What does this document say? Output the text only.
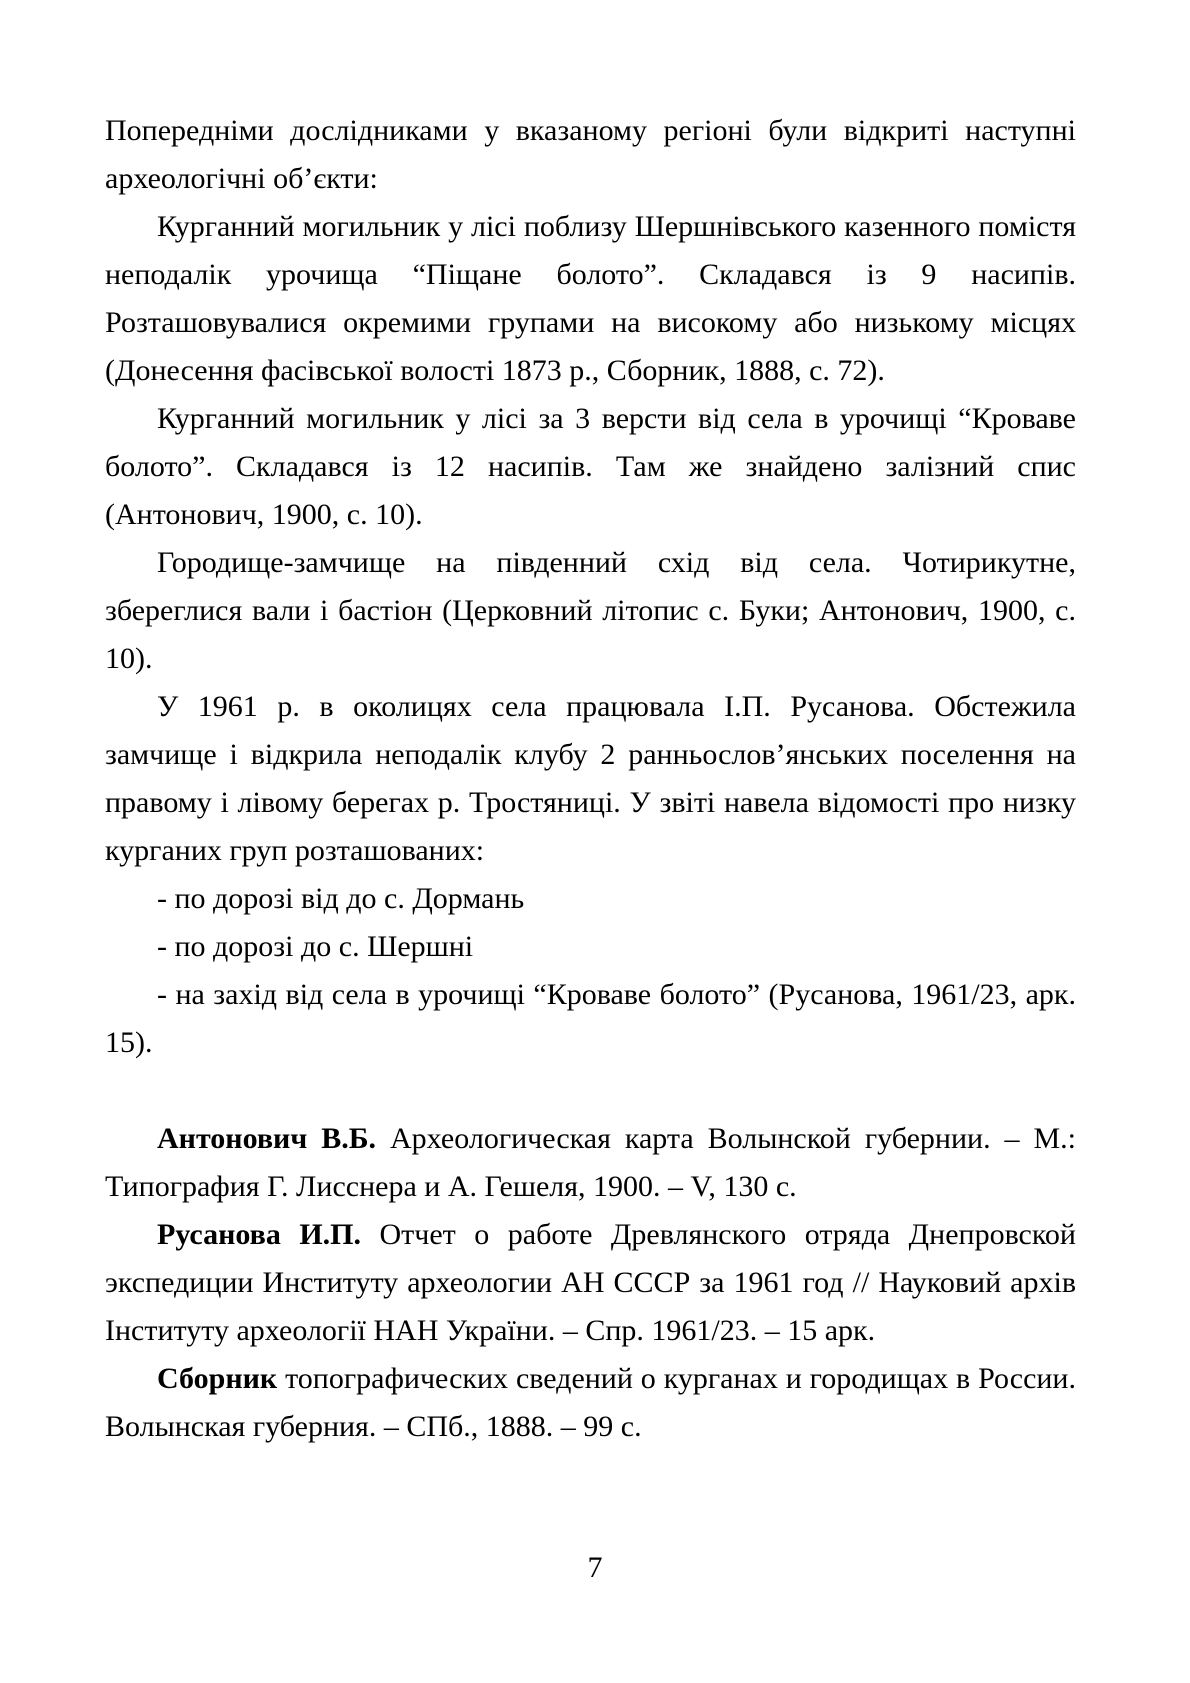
Попередніми дослідниками у вказаному регіоні були відкриті наступні археологічні об’єкти:

Курганний могильник у лісі поблизу Шершнівського казенного помістя неподалік урочища “Піщане болото”. Складався із 9 насипів. Розташовувалися окремими групами на високому або низькому місцях (Донесення фасівської волості 1873 р., Сборник, 1888, с. 72).

Курганний могильник у лісі за 3 версти від села в урочищі “Кроваве болото”. Складався із 12 насипів. Там же знайдено залізний спис (Антонович, 1900, с. 10).

Городище-замчище на південний схід від села. Чотирикутне, збереглися вали і бастіон (Церковний літопис с. Буки; Антонович, 1900, с. 10).

У 1961 р. в околицях села працювала І.П. Русанова. Обстежила замчище і відкрила неподалік клубу 2 ранньослов’янських поселення на правому і лівому берегах р. Тростяниці. У звіті навела відомості про низку курганих груп розташованих:

- по дорозі від до с. Дормань

- по дорозі до с. Шершні

- на захід від села в урочищі “Кроваве болото” (Русанова, 1961/23, арк. 15).

Антонович В.Б. Археологическая карта Волынской губернии. – М.: Типография Г. Лисснера и А. Гешеля, 1900. – V, 130 с.

Русанова И.П. Отчет о работе Древлянского отряда Днепровской экспедиции Институту археологии АН СССР за 1961 год // Науковий архів Інституту археології НАН України. – Спр. 1961/23. – 15 арк.

Сборник топографических сведений о курганах и городищах в России. Волынская губерния. – СПб., 1888. – 99 с.

7
